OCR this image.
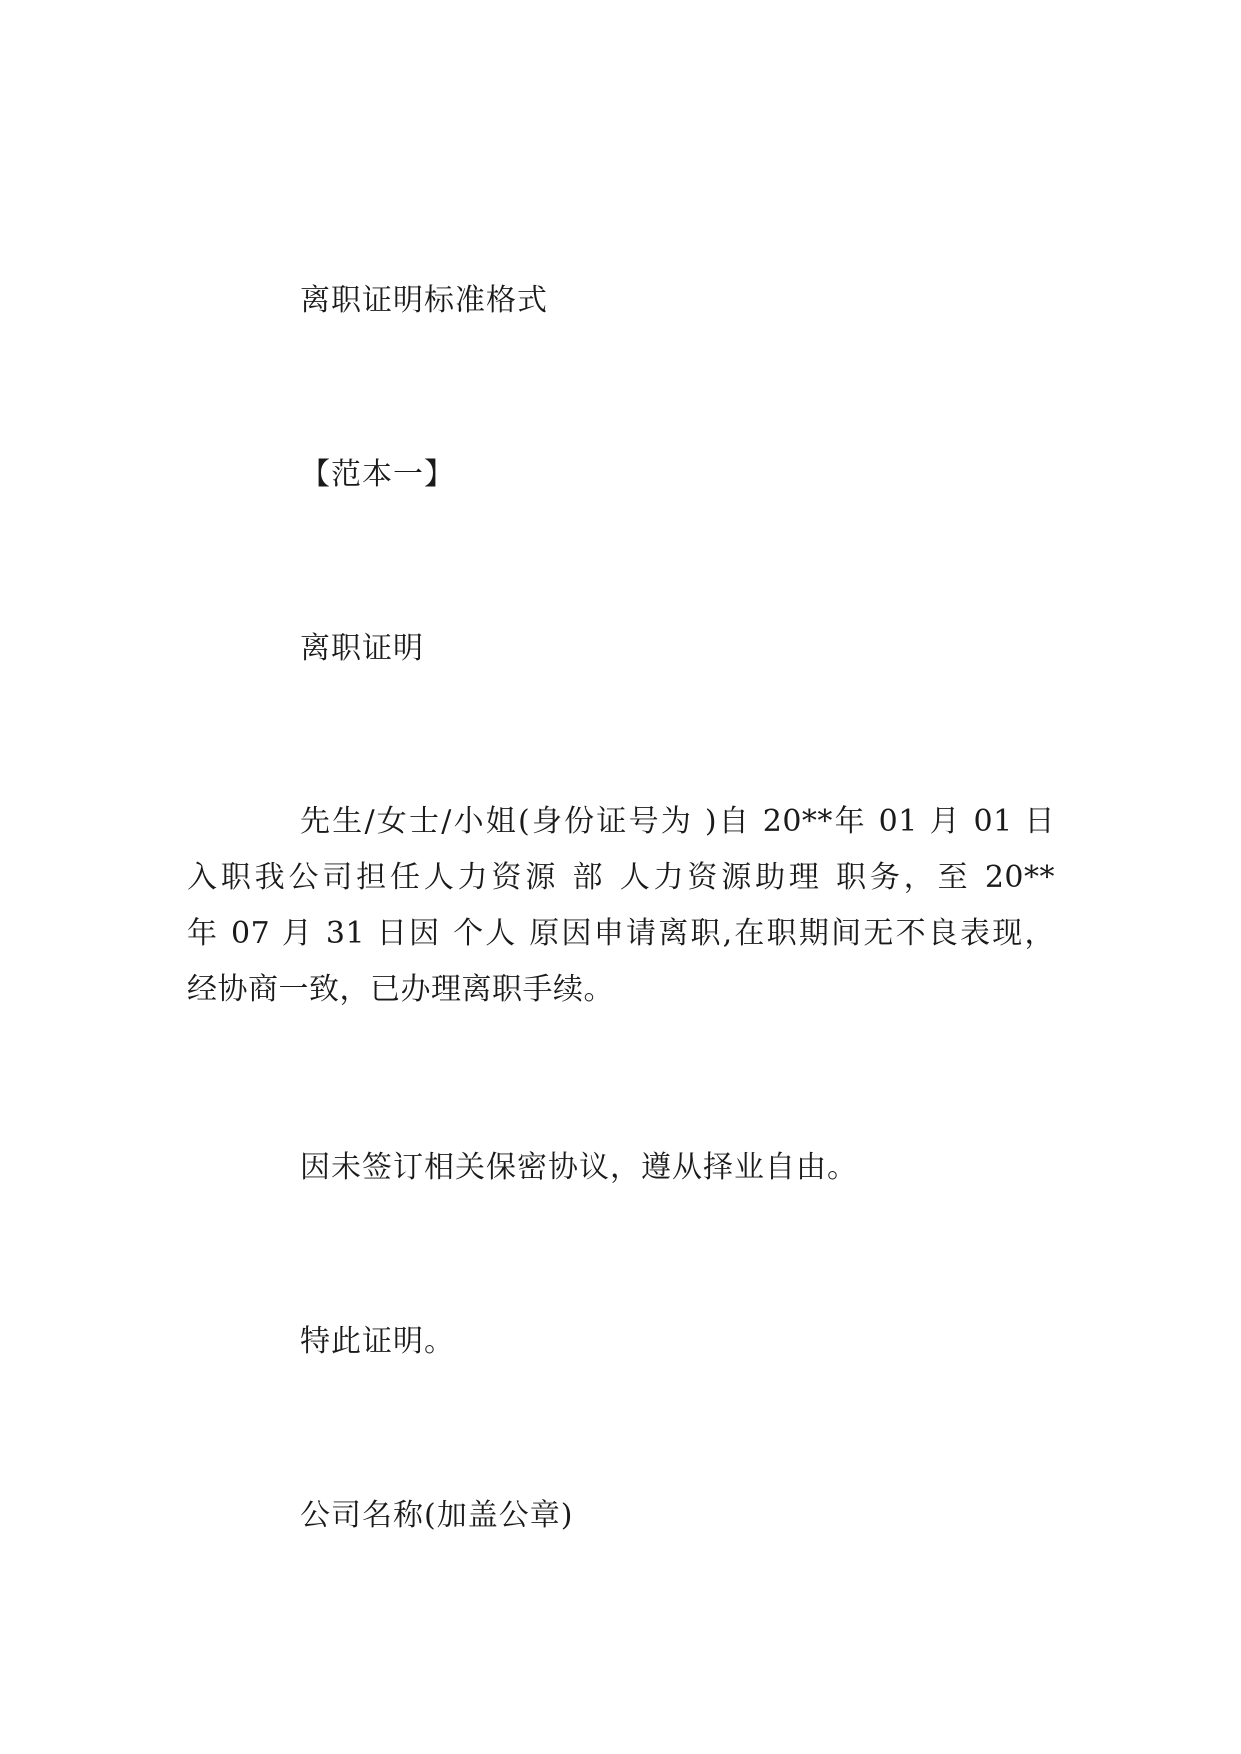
离职证明标准格式

【范本一】

离职证明

先生/女士/小姐(身份证号为 )自 20**年 01 月 01 日

入职我公司担任人力资源 部 人力资源助理 职务，至 20**

年 07 月 31 日因 个人 原因申请离职,在职期间无不良表现，

经协商一致，已办理离职手续。

因未签订相关保密协议，遵从择业自由。

特此证明。

公司名称(加盖公章)
